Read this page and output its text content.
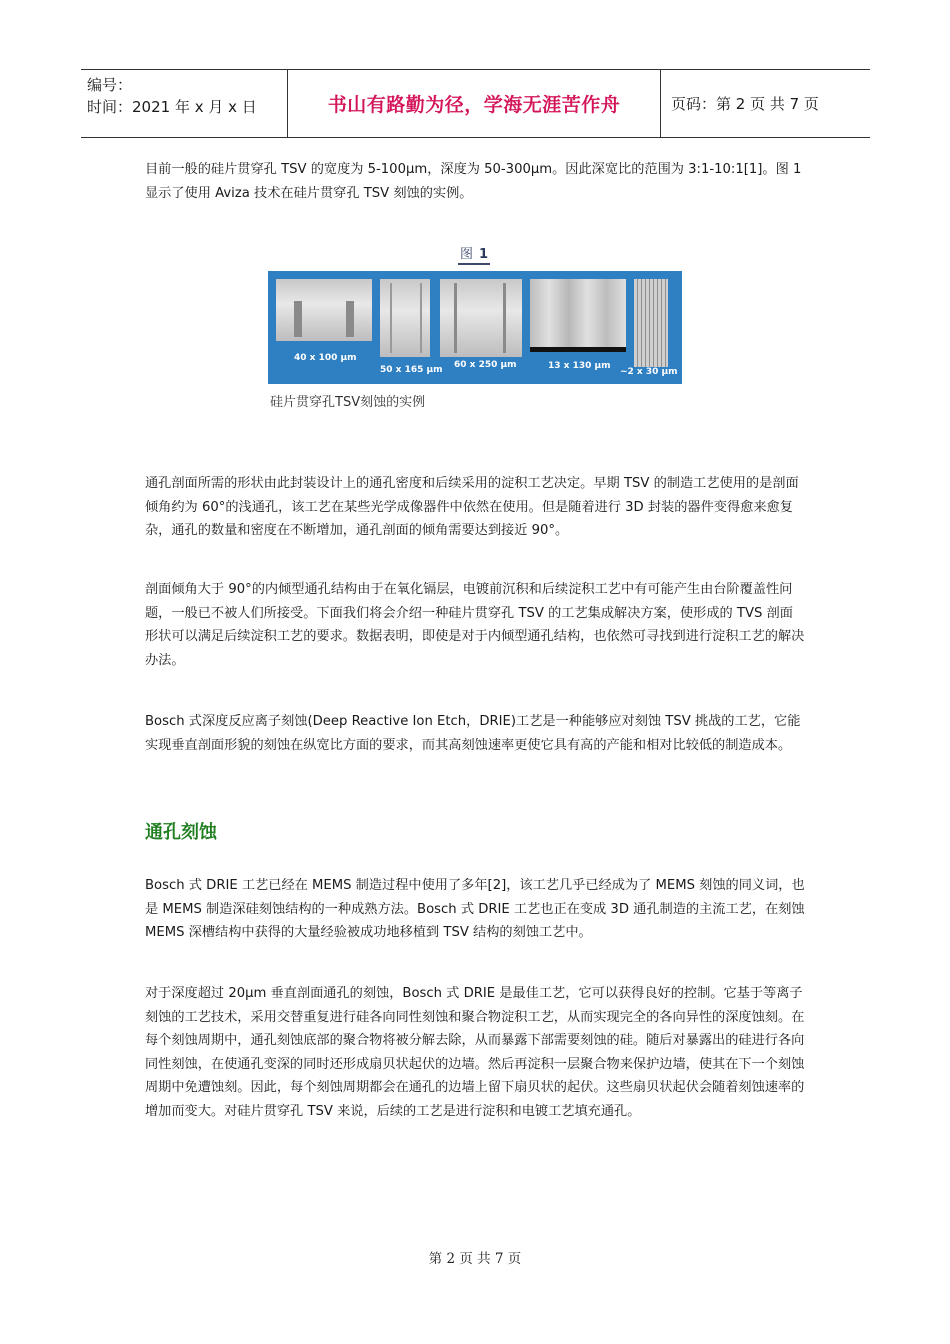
编号：
时间：2021 年 x 月 x 日	书山有路勤为径，学海无涯苦作舟	页码：第 2 页 共 7 页
目前一般的硅片贯穿孔 TSV 的宽度为 5-100μm，深度为 50-300μm。因此深宽比的范围为 3:1-10:1[1]。图 1 显示了使用 Aviza 技术在硅片贯穿孔 TSV 刻蚀的实例。
图 1
40 x 100 μm
50 x 165 μm 60 x 250 μm	13 x 130 μm
~2 x 30 μm
硅片贯穿孔TSV刻蚀的实例
通孔剖面所需的形状由此封装设计上的通孔密度和后续采用的淀积工艺决定。早期 TSV 的制造工艺使用的是剖面倾角约为 60°的浅通孔，该工艺在某些光学成像器件中依然在使用。但是随着进行 3D 封装的器件变得愈来愈复杂，通孔的数量和密度在不断增加，通孔剖面的倾角需要达到接近 90°。
剖面倾角大于 90°的内倾型通孔结构由于在氧化镉层，电镀前沉积和后续淀积工艺中有可能产生由台阶覆盖性问题，一般已不被人们所接受。下面我们将会介绍一种硅片贯穿孔 TSV 的工艺集成解决方案，使形成的 TVS 剖面形状可以满足后续淀积工艺的要求。数据表明，即使是对于内倾型通孔结构，也依然可寻找到进行淀积工艺的解决办法。
Bosch 式深度反应离子刻蚀(Deep Reactive Ion Etch，DRIE)工艺是一种能够应对刻蚀 TSV 挑战的工艺，它能实现垂直剖面形貌的刻蚀在纵宽比方面的要求，而其高刻蚀速率更使它具有高的产能和相对比较低的制造成本。
通孔刻蚀
Bosch 式 DRIE 工艺已经在 MEMS 制造过程中使用了多年[2]，该工艺几乎已经成为了 MEMS 刻蚀的同义词，也是 MEMS 制造深硅刻蚀结构的一种成熟方法。Bosch 式 DRIE 工艺也正在变成 3D 通孔制造的主流工艺，在刻蚀 MEMS 深槽结构中获得的大量经验被成功地移植到 TSV 结构的刻蚀工艺中。
对于深度超过 20μm 垂直剖面通孔的刻蚀，Bosch 式 DRIE 是最佳工艺，它可以获得良好的控制。它基于等离子刻蚀的工艺技术，采用交替重复进行硅各向同性刻蚀和聚合物淀积工艺，从而实现完全的各向异性的深度蚀刻。在每个刻蚀周期中，通孔刻蚀底部的聚合物将被分解去除，从而暴露下部需要刻蚀的硅。随后对暴露出的硅进行各向同性刻蚀，在使通孔变深的同时还形成扇贝状起伏的边墙。然后再淀积一层聚合物来保护边墙，使其在下一个刻蚀周期中免遭蚀刻。因此，每个刻蚀周期都会在通孔的边墙上留下扇贝状的起伏。这些扇贝状起伏会随着刻蚀速率的增加而变大。对硅片贯穿孔 TSV 来说，后续的工艺是进行淀积和电镀工艺填充通孔。
第 2 页 共 7 页
